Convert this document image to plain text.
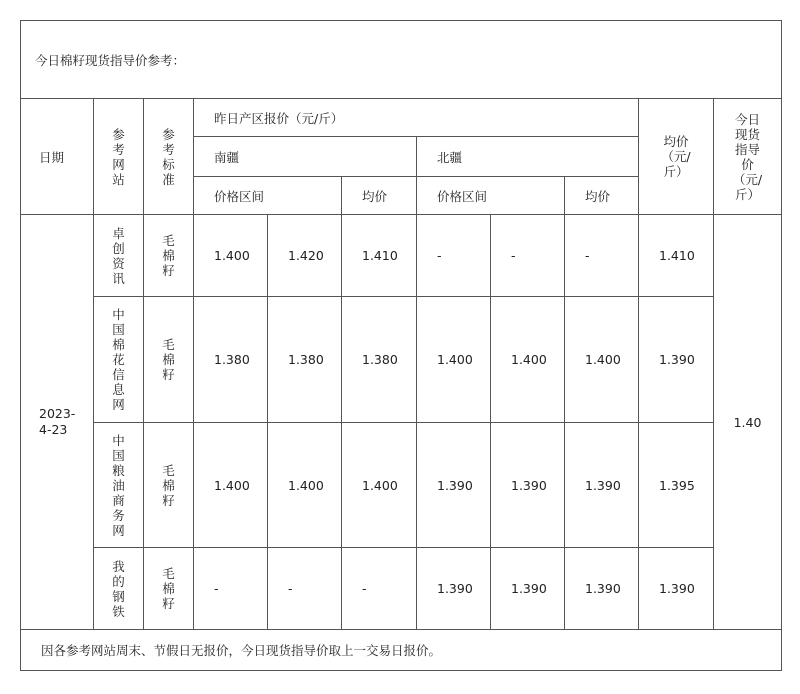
今日棉籽现货指导价参考：										
日期	参考网站	参考标准	昨日产区报价（元/斤）						均价（元/斤）	今日现货指导价（元/斤）

			南疆			北疆				
			价格区间		均价	价格区间		均价		

2023-4-23	卓创资讯	毛棉籽	1.400	1.420	1.410	-	-	-	1.410	1.40

	中国棉花信息网	毛棉籽	1.380	1.380	1.380	1.400	1.400	1.400	1.390	

	中国粮油商务网	毛棉籽	1.400	1.400	1.400	1.390	1.390	1.390	1.395	

	我的钢铁	毛棉籽	-	-	-	1.390	1.390	1.390	1.390	
因各参考网站周末、节假日无报价，今日现货指导价取上一交易日报价。										
